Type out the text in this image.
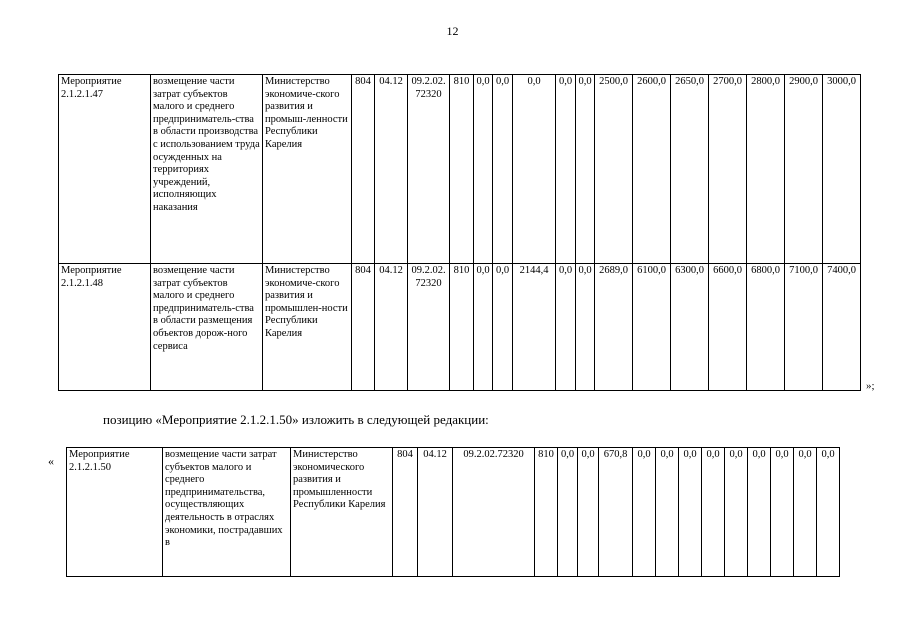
12
Мероприятие 2.1.2.1.47	возмещение части затрат субъектов малого и среднего предприниматель-ства в области производства с использованием труда осужденных на территориях учреждений, исполняющих наказания	Министерство экономиче-ского развития и промыш-ленности Республики Карелия	804	04.12	09.2.02. 72320	810	0,0	0,0	0,0	0,0	0,0	2500,0	2600,0	2650,0	2700,0	2800,0	2900,0	3000,0
Мероприятие 2.1.2.1.48	возмещение части затрат субъектов малого и среднего предприниматель-ства в области размещения объектов дорож-ного сервиса	Министерство экономиче-ского развития и промышлен-ности Республики Карелия	804	04.12	09.2.02. 72320	810	0,0	0,0	2144,4	0,0	0,0	2689,0	6100,0	6300,0	6600,0	6800,0	7100,0	7400,0
»;
позицию «Мероприятие 2.1.2.1.50» изложить в следующей редакции:
« Мероприятие 2.1.2.1.50	возмещение части затрат субъектов малого и среднего предпринимательства, осуществляющих деятельность в отраслях экономики, пострадавших в	Министерство экономического развития и промышленности Республики Карелия	804	04.12	09.2.02.72320	810	0,0	0,0	670,8	0,0	0,0	0,0	0,0	0,0	0,0	0,0	0,0	0,0
